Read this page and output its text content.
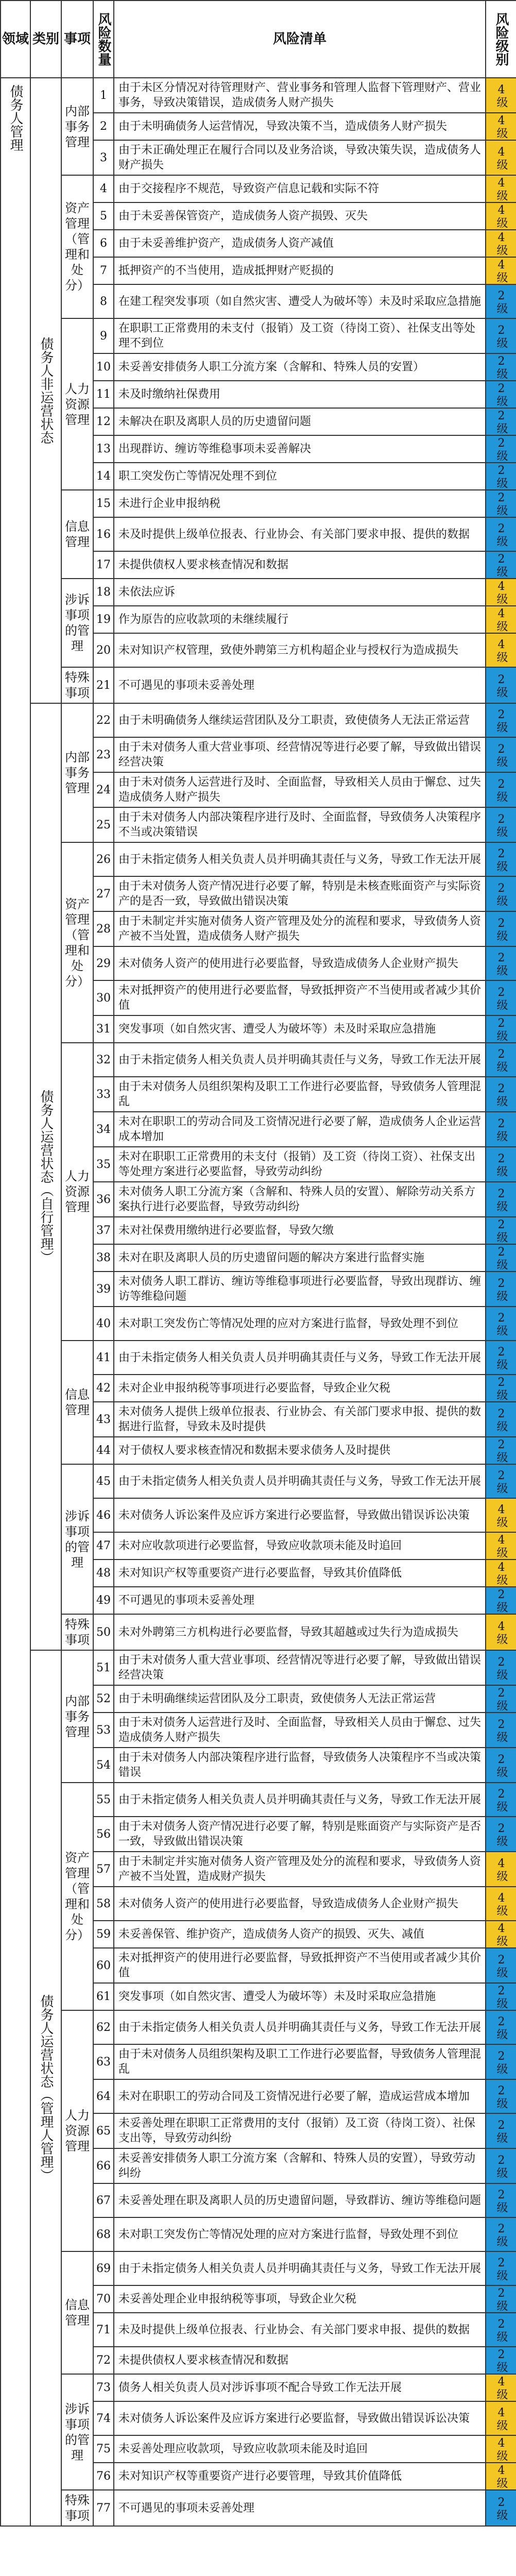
领域	类别	事项	风险数量	风险清单	风险级别

债务人管理	债务人非运营状态	内部事务管理	1	由于未区分情况对待管理财产、营业事务和管理人监督下管理财产、营业事务，导致决策错误，造成债务人财产损失	4级

			2	由于未明确债务人运营情况，导致决策不当，造成债务人财产损失	4级

			3	由于未正确处理正在履行合同以及业务洽谈，导致决策失误，造成债务人财产损失	4级

		资产管理（管理和处分）	4	由于交接程序不规范，导致资产信息记载和实际不符	4级

			5	由于未妥善保管资产，造成债务人资产损毁、灭失	4级

			6	由于未妥善维护资产，造成债务人资产减值	4级

			7	抵押资产的不当使用，造成抵押财产贬损的	4级

			8	在建工程突发事项（如自然灾害、遭受人为破坏等）未及时采取应急措施	2级

		人力资源管理	9	在职职工正常费用的未支付（报销）及工资（待岗工资）、社保支出等处理不到位	2级

			10	未妥善安排债务人职工分流方案（含解和、特殊人员的安置）	2级

			11	未及时缴纳社保费用	2级

			12	未解决在职及离职人员的历史遗留问题	2级

			13	出现群访、缠访等维稳事项未妥善解决	2级

			14	职工突发伤亡等情况处理不到位	2级

		信息管理	15	未进行企业申报纳税	2级

			16	未及时提供上级单位报表、行业协会、有关部门要求申报、提供的数据	2级

			17	未提供债权人要求核查情况和数据	2级

		涉诉事项的管理	18	未依法应诉	4级

			19	作为原告的应收款项的未继续履行	4级

			20	未对知识产权管理，致使外聘第三方机构超企业与授权行为造成损失	4级

		特殊事项	21	不可遇见的事项未妥善处理	2级

	债务人运营状态（自行管理）	内部事务管理	22	由于未明确债务人继续运营团队及分工职责，致使债务人无法正常运营	2级

			23	由于未对债务人重大营业事项、经营情况等进行必要了解，导致做出错误经营决策	2级

			24	由于未对债务人运营进行及时、全面监督，导致相关人员由于懈怠、过失造成债务人财产损失	2级

			25	由于未对债务人内部决策程序进行及时、全面监督，导致债务人决策程序不当或决策错误	2级

		资产管理（管理和处分）	26	由于未指定债务人相关负责人员并明确其责任与义务，导致工作无法开展	2级

			27	由于未对债务人资产情况进行必要了解，特别是未核查账面资产与实际资产的是否一致，导致做出错误决策	2级

			28	由于未制定并实施对债务人资产管理及处分的流程和要求，导致债务人资产被不当处置，造成债务人财产损失	2级

			29	未对债务人资产的使用进行必要监督，导致造成债务人企业财产损失	2级

			30	未对抵押资产的使用进行必要监督，导致抵押资产不当使用或者减少其价值	2级

			31	突发事项（如自然灾害、遭受人为破坏等）未及时采取应急措施	2级

		人力资源管理	32	由于未指定债务人相关负责人员并明确其责任与义务，导致工作无法开展	2级

			33	由于未对债务人员组织架构及职工工作进行必要监督，导致债务人管理混乱	2级

			34	未对在职职工的劳动合同及工资情况进行必要了解，造成债务人企业运营成本增加	2级

			35	未对在职职工正常费用的未支付（报销）及工资（待岗工资）、社保支出等处理方案进行必要监督，导致劳动纠纷	2级

			36	未对债务人职工分流方案（含解和、特殊人员的安置）、解除劳动关系方案执行进行必要监督，导致劳动纠纷	2级

			37	未对社保费用缴纳进行必要监督，导致欠缴	2级

			38	未对在职及离职人员的历史遗留问题的解决方案进行监督实施	2级

			39	未对债务人职工群访、缠访等维稳事项进行必要监督，导致出现群访、缠访等维稳问题	2级

			40	未对职工突发伤亡等情况处理的应对方案进行监督，导致处理不到位	2级

		信息管理	41	由于未指定债务人相关负责人员并明确其责任与义务，导致工作无法开展	2级

			42	未对企业申报纳税等事项进行必要监督，导致企业欠税	2级

			43	未对债务人提供上级单位报表、行业协会、有关部门要求申报、提供的数据进行监督，导致未及时提供	2级

			44	对于债权人要求核查情况和数据未要求债务人及时提供	2级

		涉诉事项的管理	45	由于未指定债务人相关负责人员并明确其责任与义务，导致工作无法开展	2级

			46	未对债务人诉讼案件及应诉方案进行必要监督，导致做出错误诉讼决策	4级

			47	未对应收款项进行必要监督，导致应收款项未能及时追回	4级

			48	未对知识产权等重要资产进行必要监督，导致其价值降低	4级

			49	不可遇见的事项未妥善处理	2级

		特殊事项	50	未对外聘第三方机构进行必要监督，导致其超越或过失行为造成损失	4级

	债务人运营状态（管理人管理）	内部事务管理	51	由于未对债务人重大营业事项、经营情况等进行必要了解，导致做出错误经营决策	2级

			52	由于未明确继续运营团队及分工职责，致使债务人无法正常运营	2级

			53	由于未对债务人运营进行及时、全面监督，导致相关人员由于懈怠、过失造成债务人财产损失	2级

			54	由于未对债务人内部决策程序进行监督，导致债务人决策程序不当或决策错误	2级

		资产管理（管理和处分）	55	由于未指定债务人相关负责人员并明确其责任与义务，导致工作无法开展	2级

			56	由于未对债务人资产情况进行必要了解，特别是账面资产与实际资产是否一致，导致做出错误决策	2级

			57	由于未制定并实施对债务人资产管理及处分的流程和要求，导致债务人资产被不当处置，造成财产损失	4级

			58	未对债务人资产的使用进行必要监督，导致造成债务人企业财产损失	4级

			59	未妥善保管、维护资产，造成债务人资产的损毁、灭失、减值	4级

			60	未对抵押资产的使用进行必要监督，导致抵押资产不当使用或者减少其价值	2级

			61	突发事项（如自然灾害、遭受人为破坏等）未及时采取应急措施	2级

		人力资源管理	62	由于未指定债务人相关负责人员并明确其责任与义务，导致工作无法开展	2级

			63	由于未对债务人员组织架构及职工工作进行必要监督，导致债务人管理混乱	2级

			64	未对在职职工的劳动合同及工资情况进行必要了解，造成运营成本增加	2级

			65	未妥善处理在职职工正常费用的支付（报销）及工资（待岗工资）、社保支出等，导致劳动纠纷	2级

			66	未妥善安排债务人职工分流方案（含解和、特殊人员的安置），导致劳动纠纷	2级

			67	未妥善处理在职及离职人员的历史遗留问题，导致群访、缠访等维稳问题	2级

			68	未对职工突发伤亡等情况处理的应对方案进行监督，导致处理不到位	2级

		信息管理	69	由于未指定债务人相关负责人员并明确其责任与义务，导致工作无法开展	2级

			70	未妥善处理企业申报纳税等事项，导致企业欠税	2级

			71	未及时提供上级单位报表、行业协会、有关部门要求申报、提供的数据	2级

			72	未提供债权人要求核查情况和数据	2级

		涉诉事项的管理	73	债务人相关负责人员对涉诉事项不配合导致工作无法开展	4级

			74	未对债务人诉讼案件及应诉方案进行必要监督，导致做出错误诉讼决策	4级

			75	未妥善处理应收款项，导致应收款项未能及时追回	4级

			76	未对知识产权等重要资产进行必要管理，导致其价值降低	4级

		特殊事项	77	不可遇见的事项未妥善处理	2级
